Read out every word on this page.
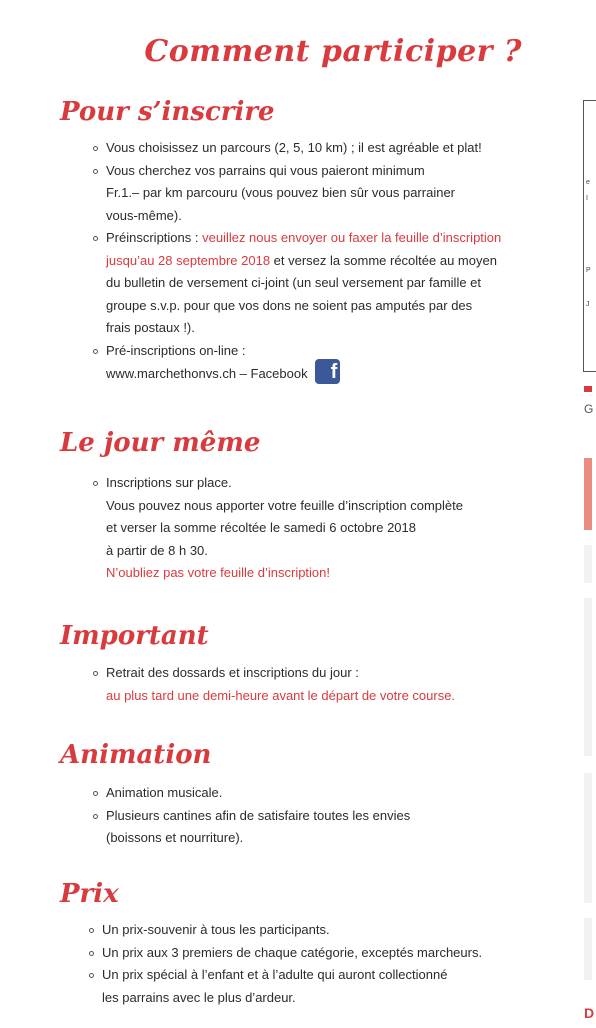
Comment participer ?
Pour s’inscrire
Vous choisissez un parcours (2, 5, 10 km) ; il est agréable et plat!
Vous cherchez vos parrains qui vous paieront minimum
Fr.1.– par km parcouru (vous pouvez bien sûr vous parrainer
vous-même).
Préinscriptions : veuillez nous envoyer ou faxer la feuille d’inscription
jusqu’au 28 septembre 2018 et versez la somme récoltée au moyen
du bulletin de versement ci-joint (un seul versement par famille et
groupe s.v.p. pour que vos dons ne soient pas amputés par des
frais postaux !).
Pré-inscriptions on-line :
www.marchethonvs.ch – Facebook f
Le jour même
Inscriptions sur place.
Vous pouvez nous apporter votre feuille d’inscription complète
et verser la somme récoltée le samedi 6 octobre 2018
à partir de 8 h 30.
N’oubliez pas votre feuille d’inscription!
Important
Retrait des dossards et inscriptions du jour :
au plus tard une demi-heure avant le départ de votre course.
Animation
Animation musicale.
Plusieurs cantines afin de satisfaire toutes les envies
(boissons et nourriture).
Prix
Un prix-souvenir à tous les participants.
Un prix aux 3 premiers de chaque catégorie, exceptés marcheurs.
Un prix spécial à l’enfant et à l’adulte qui auront collectionné
les parrains avec le plus d’ardeur.
e
I
P
J
G
D
